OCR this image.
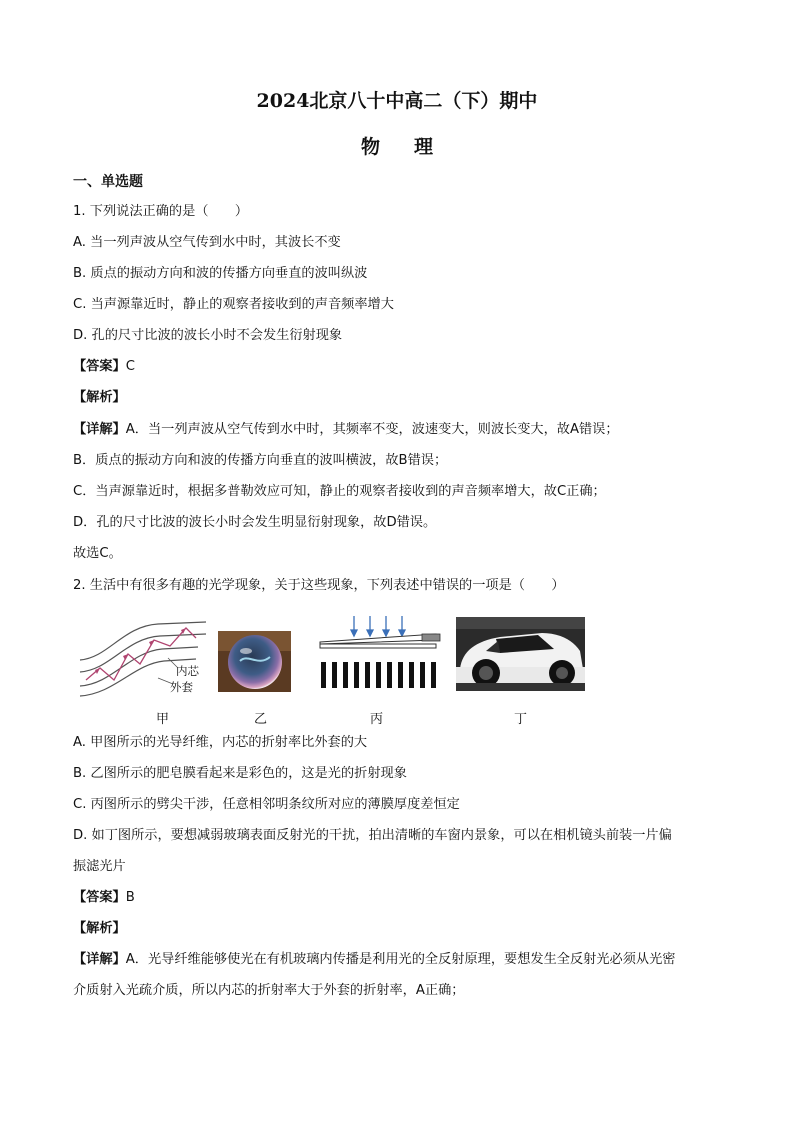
2024北京八十中高二（下）期中
物理
一、单选题
1. 下列说法正确的是（　　）
A. 当一列声波从空气传到水中时，其波长不变
B. 质点的振动方向和波的传播方向垂直的波叫纵波
C. 当声源靠近时，静止的观察者接收到的声音频率增大
D. 孔的尺寸比波的波长小时不会发生衍射现象
【答案】C
【解析】
【详解】A．当一列声波从空气传到水中时，其频率不变，波速变大，则波长变大，故A错误；
B．质点的振动方向和波的传播方向垂直的波叫横波，故B错误；
C．当声源靠近时，根据多普勒效应可知，静止的观察者接收到的声音频率增大，故C正确；
D．孔的尺寸比波的波长小时会发生明显衍射现象，故D错误。
故选C。
2. 生活中有很多有趣的光学现象，关于这些现象，下列表述中错误的一项是（　　）
内芯
外套
甲	乙	丙	丁
A. 甲图所示的光导纤维，内芯的折射率比外套的大
B. 乙图所示的肥皂膜看起来是彩色的，这是光的折射现象
C. 丙图所示的劈尖干涉，任意相邻明条纹所对应的薄膜厚度差恒定
D. 如丁图所示，要想减弱玻璃表面反射光的干扰，拍出清晰的车窗内景象，可以在相机镜头前装一片偏
振滤光片
【答案】B
【解析】
【详解】A．光导纤维能够使光在有机玻璃内传播是利用光的全反射原理，要想发生全反射光必须从光密
介质射入光疏介质，所以内芯的折射率大于外套的折射率，A正确；
